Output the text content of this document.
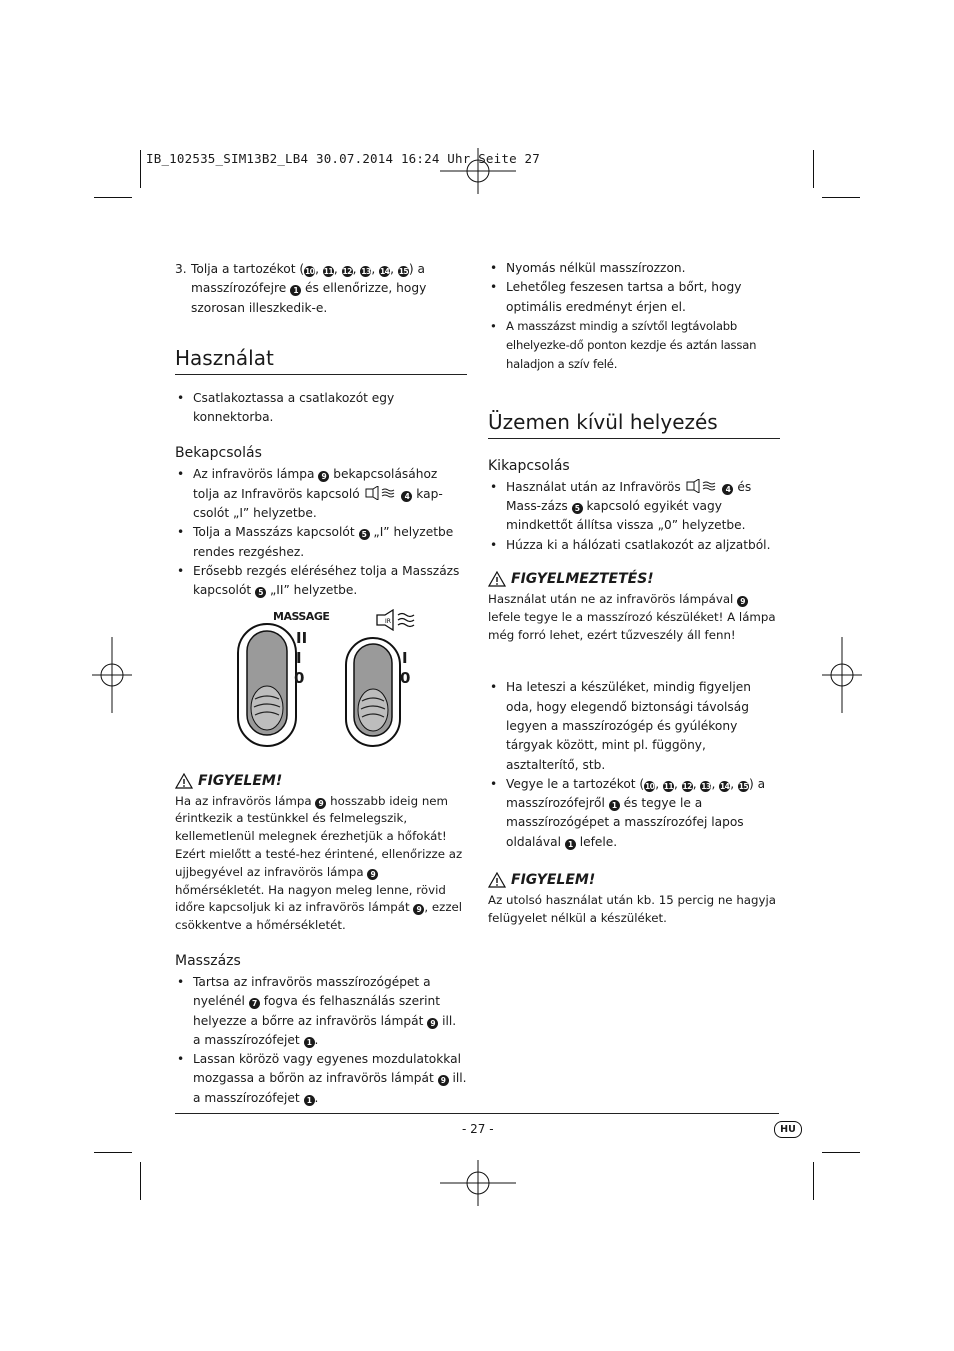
IB_102535_SIM13B2_LB4 30.07.2014 16:24 Uhr Seite 27

3. Tolja a tartozékot (10, 11, 12, 13, 14, 15) a masszírozófejre 1 és ellenőrizze, hogy szorosan illeszkedik-e.

Használat

• Csatlakoztassa a csatlakozót egy konnektorba.

Bekapcsolás

• Az infravörös lámpa 9 bekapcsolásához tolja az Infravörös kapcsoló	4 kap-csolót „I” helyzetbe.

• Tolja a Masszázs kapcsolót 5 „I” helyzetbe rendes rezgéshez.

• Erősebb rezgés eléréséhez tolja a Masszázs kapcsolót 5 „II” helyzetbe.

MASSAGE
II
I
0
IR
I
0
FIGYELEM!

Ha az infravörös lámpa 9 hosszabb ideig nem érintkezik a testünkkel és felmelegszik, kellemetlenül melegnek érezhetjük a hőfokát! Ezért mielőtt a testé-hez érintené, ellenőrizze az ujjbegyével az infravörös lámpa 9 hőmérsékletét. Ha nagyon meleg lenne, rövid időre kapcsoljuk ki az infravörös lámpát 9 , ezzel csökkentve a hőmérsékletét.

Masszázs

• Tartsa az infravörös masszírozógépet a nyelénél 7 fogva és felhasználás szerint helyezze a bőrre az infravörös lámpát 9 ill. a masszírozófejet 1 .

• Lassan körözö vagy egyenes mozdulatokkal mozgassa a bőrön az infravörös lámpát 9 ill. a masszírozófejet 1 .

• Nyomás nélkül masszírozzon.

• Lehetőleg feszesen tartsa a bőrt, hogy optimális eredményt érjen el.

• A masszázst mindig a szívtől legtávolabb elhelyezke-dő ponton kezdje és aztán lassan haladjon a szív felé.

Üzemen kívül helyezés
Kikapcsolás

• Használat után az Infravörös	4 és Mass-zázs 5 kapcsoló egyikét vagy mindkettőt állítsa vissza „0” helyzetbe.

• Húzza ki a hálózati csatlakozót az aljzatból.

FIGYELMEZTETÉS!

Használat után ne az infravörös lámpával 9 lefele tegye le a masszírozó készüléket! A lámpa még forró lehet, ezért tűzveszély áll fenn!

• Ha leteszi a készüléket, mindig figyeljen oda, hogy elegendő biztonsági távolság legyen a masszírozógép és gyúlékony tárgyak között, mint pl. függöny, asztalterítő, stb.

• Vegye le a tartozékot (10, 11, 12, 13, 14, 15) a masszírozófejről 1 és tegye le a masszírozógépet a masszírozófej lapos oldalával 1 lefele.

FIGYELEM!

Az utolsó használat után kb. 15 percig ne hagyja felügyelet nélkül a készüléket.

- 27 -	HU
